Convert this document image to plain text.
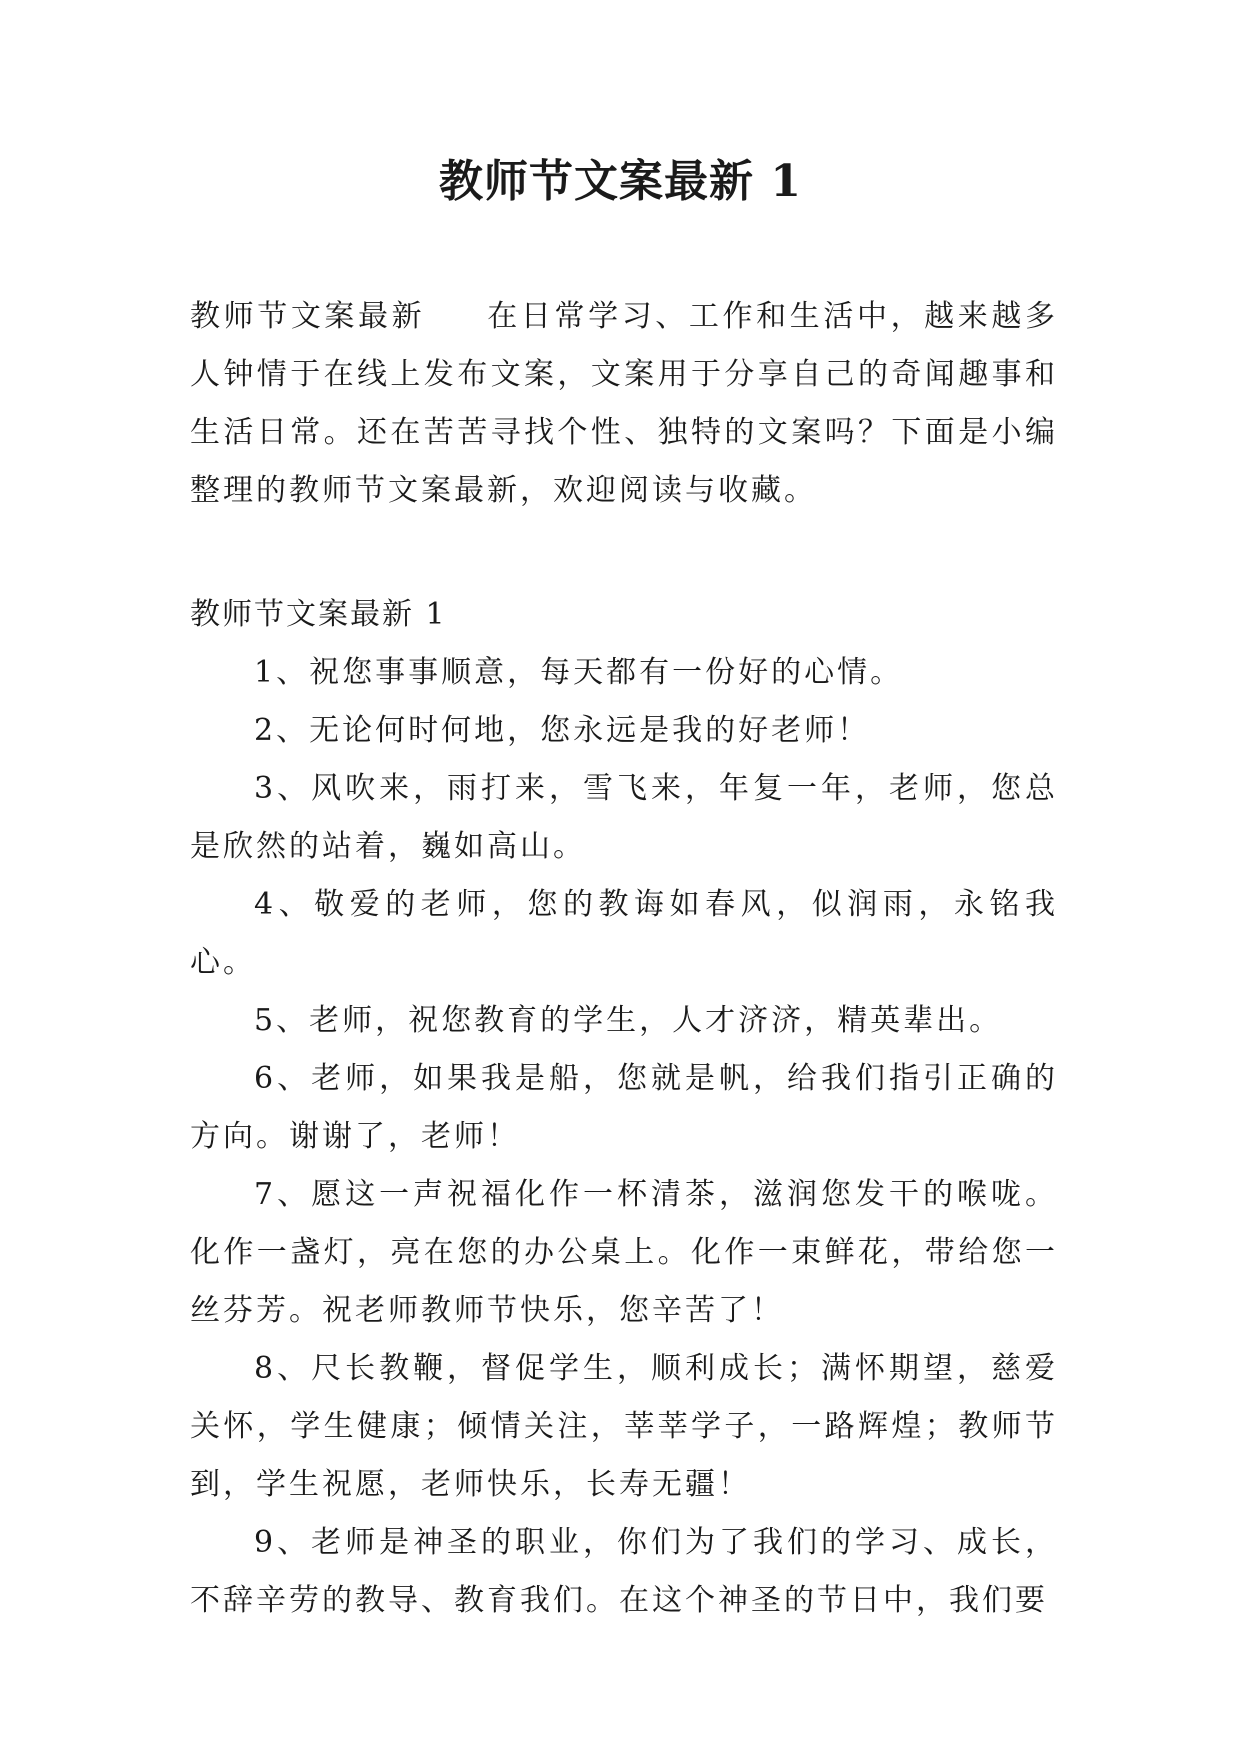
教师节文案最新 1

教师节文案最新 在日常学习、工作和生活中，越来越多人钟情于在线上发布文案，文案用于分享自己的奇闻趣事和生活日常。还在苦苦寻找个性、独特的文案吗？下面是小编整理的教师节文案最新，欢迎阅读与收藏。

教师节文案最新 1
1、祝您事事顺意，每天都有一份好的心情。
2、无论何时何地，您永远是我的好老师！
3、风吹来，雨打来，雪飞来，年复一年，老师，您总是欣然的站着，巍如高山。
4、敬爱的老师，您的教诲如春风，似润雨，永铭我心。
5、老师，祝您教育的学生，人才济济，精英辈出。
6、老师，如果我是船，您就是帆，给我们指引正确的方向。谢谢了，老师！
7、愿这一声祝福化作一杯清茶，滋润您发干的喉咙。化作一盏灯，亮在您的办公桌上。化作一束鲜花，带给您一丝芬芳。祝老师教师节快乐，您辛苦了！
8、尺长教鞭，督促学生，顺利成长；满怀期望，慈爱关怀，学生健康；倾情关注，莘莘学子，一路辉煌；教师节到，学生祝愿，老师快乐，长寿无疆！
9、老师是神圣的职业，你们为了我们的学习、成长，不辞辛劳的教导、教育我们。在这个神圣的节日中，我们要
